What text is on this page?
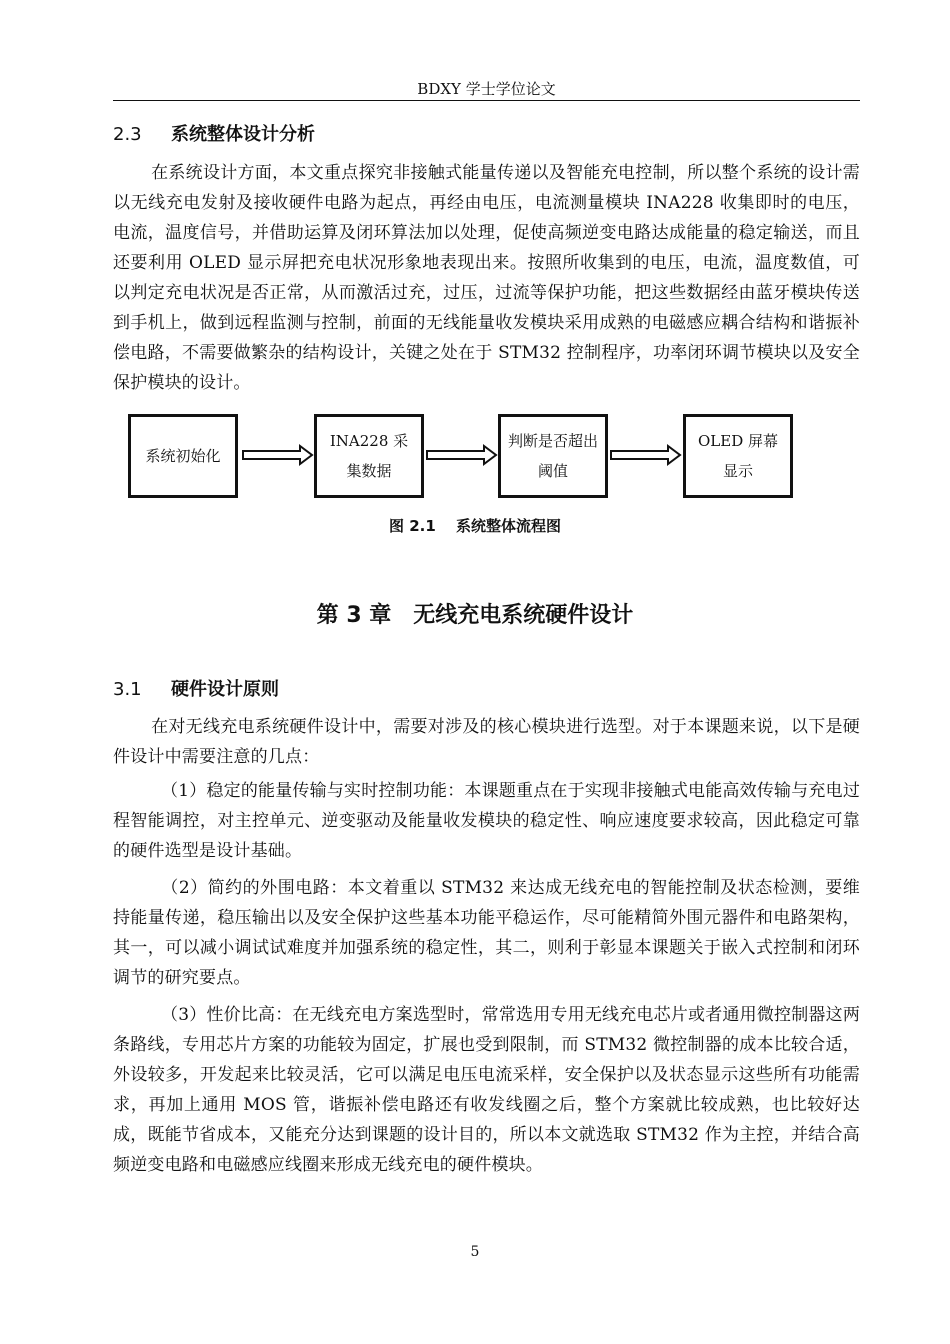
BDXY 学士学位论文
2.3 系统整体设计分析
在系统设计方面，本文重点探究非接触式能量传递以及智能充电控制，所以整个系统的设计需以无线充电发射及接收硬件电路为起点，再经由电压，电流测量模块 INA228 收集即时的电压，电流，温度信号，并借助运算及闭环算法加以处理，促使高频逆变电路达成能量的稳定输送，而且还要利用 OLED 显示屏把充电状况形象地表现出来。按照所收集到的电压，电流，温度数值，可以判定充电状况是否正常，从而激活过充，过压，过流等保护功能，把这些数据经由蓝牙模块传送到手机上，做到远程监测与控制，前面的无线能量收发模块采用成熟的电磁感应耦合结构和谐振补偿电路，不需要做繁杂的结构设计，关键之处在于 STM32 控制程序，功率闭环调节模块以及安全保护模块的设计。
系统初始化
INA228 采集数据
判断是否超出阈值
OLED 屏幕显示
图 2.1　 系统整体流程图
第 3 章　无线充电系统硬件设计
3.1 硬件设计原则
在对无线充电系统硬件设计中，需要对涉及的核心模块进行选型。对于本课题来说，以下是硬件设计中需要注意的几点：
（1）稳定的能量传输与实时控制功能：本课题重点在于实现非接触式电能高效传输与充电过程智能调控，对主控单元、逆变驱动及能量收发模块的稳定性、响应速度要求较高，因此稳定可靠的硬件选型是设计基础。
（2）简约的外围电路：本文着重以 STM32 来达成无线充电的智能控制及状态检测，要维持能量传递，稳压输出以及安全保护这些基本功能平稳运作，尽可能精简外围元器件和电路架构，其一，可以减小调试试难度并加强系统的稳定性，其二，则利于彰显本课题关于嵌入式控制和闭环调节的研究要点。
（3）性价比高：在无线充电方案选型时，常常选用专用无线充电芯片或者通用微控制器这两条路线，专用芯片方案的功能较为固定，扩展也受到限制，而 STM32 微控制器的成本比较合适，外设较多，开发起来比较灵活，它可以满足电压电流采样，安全保护以及状态显示这些所有功能需求，再加上通用 MOS 管，谐振补偿电路还有收发线圈之后，整个方案就比较成熟，也比较好达成，既能节省成本，又能充分达到课题的设计目的，所以本文就选取 STM32 作为主控，并结合高频逆变电路和电磁感应线圈来形成无线充电的硬件模块。
5
